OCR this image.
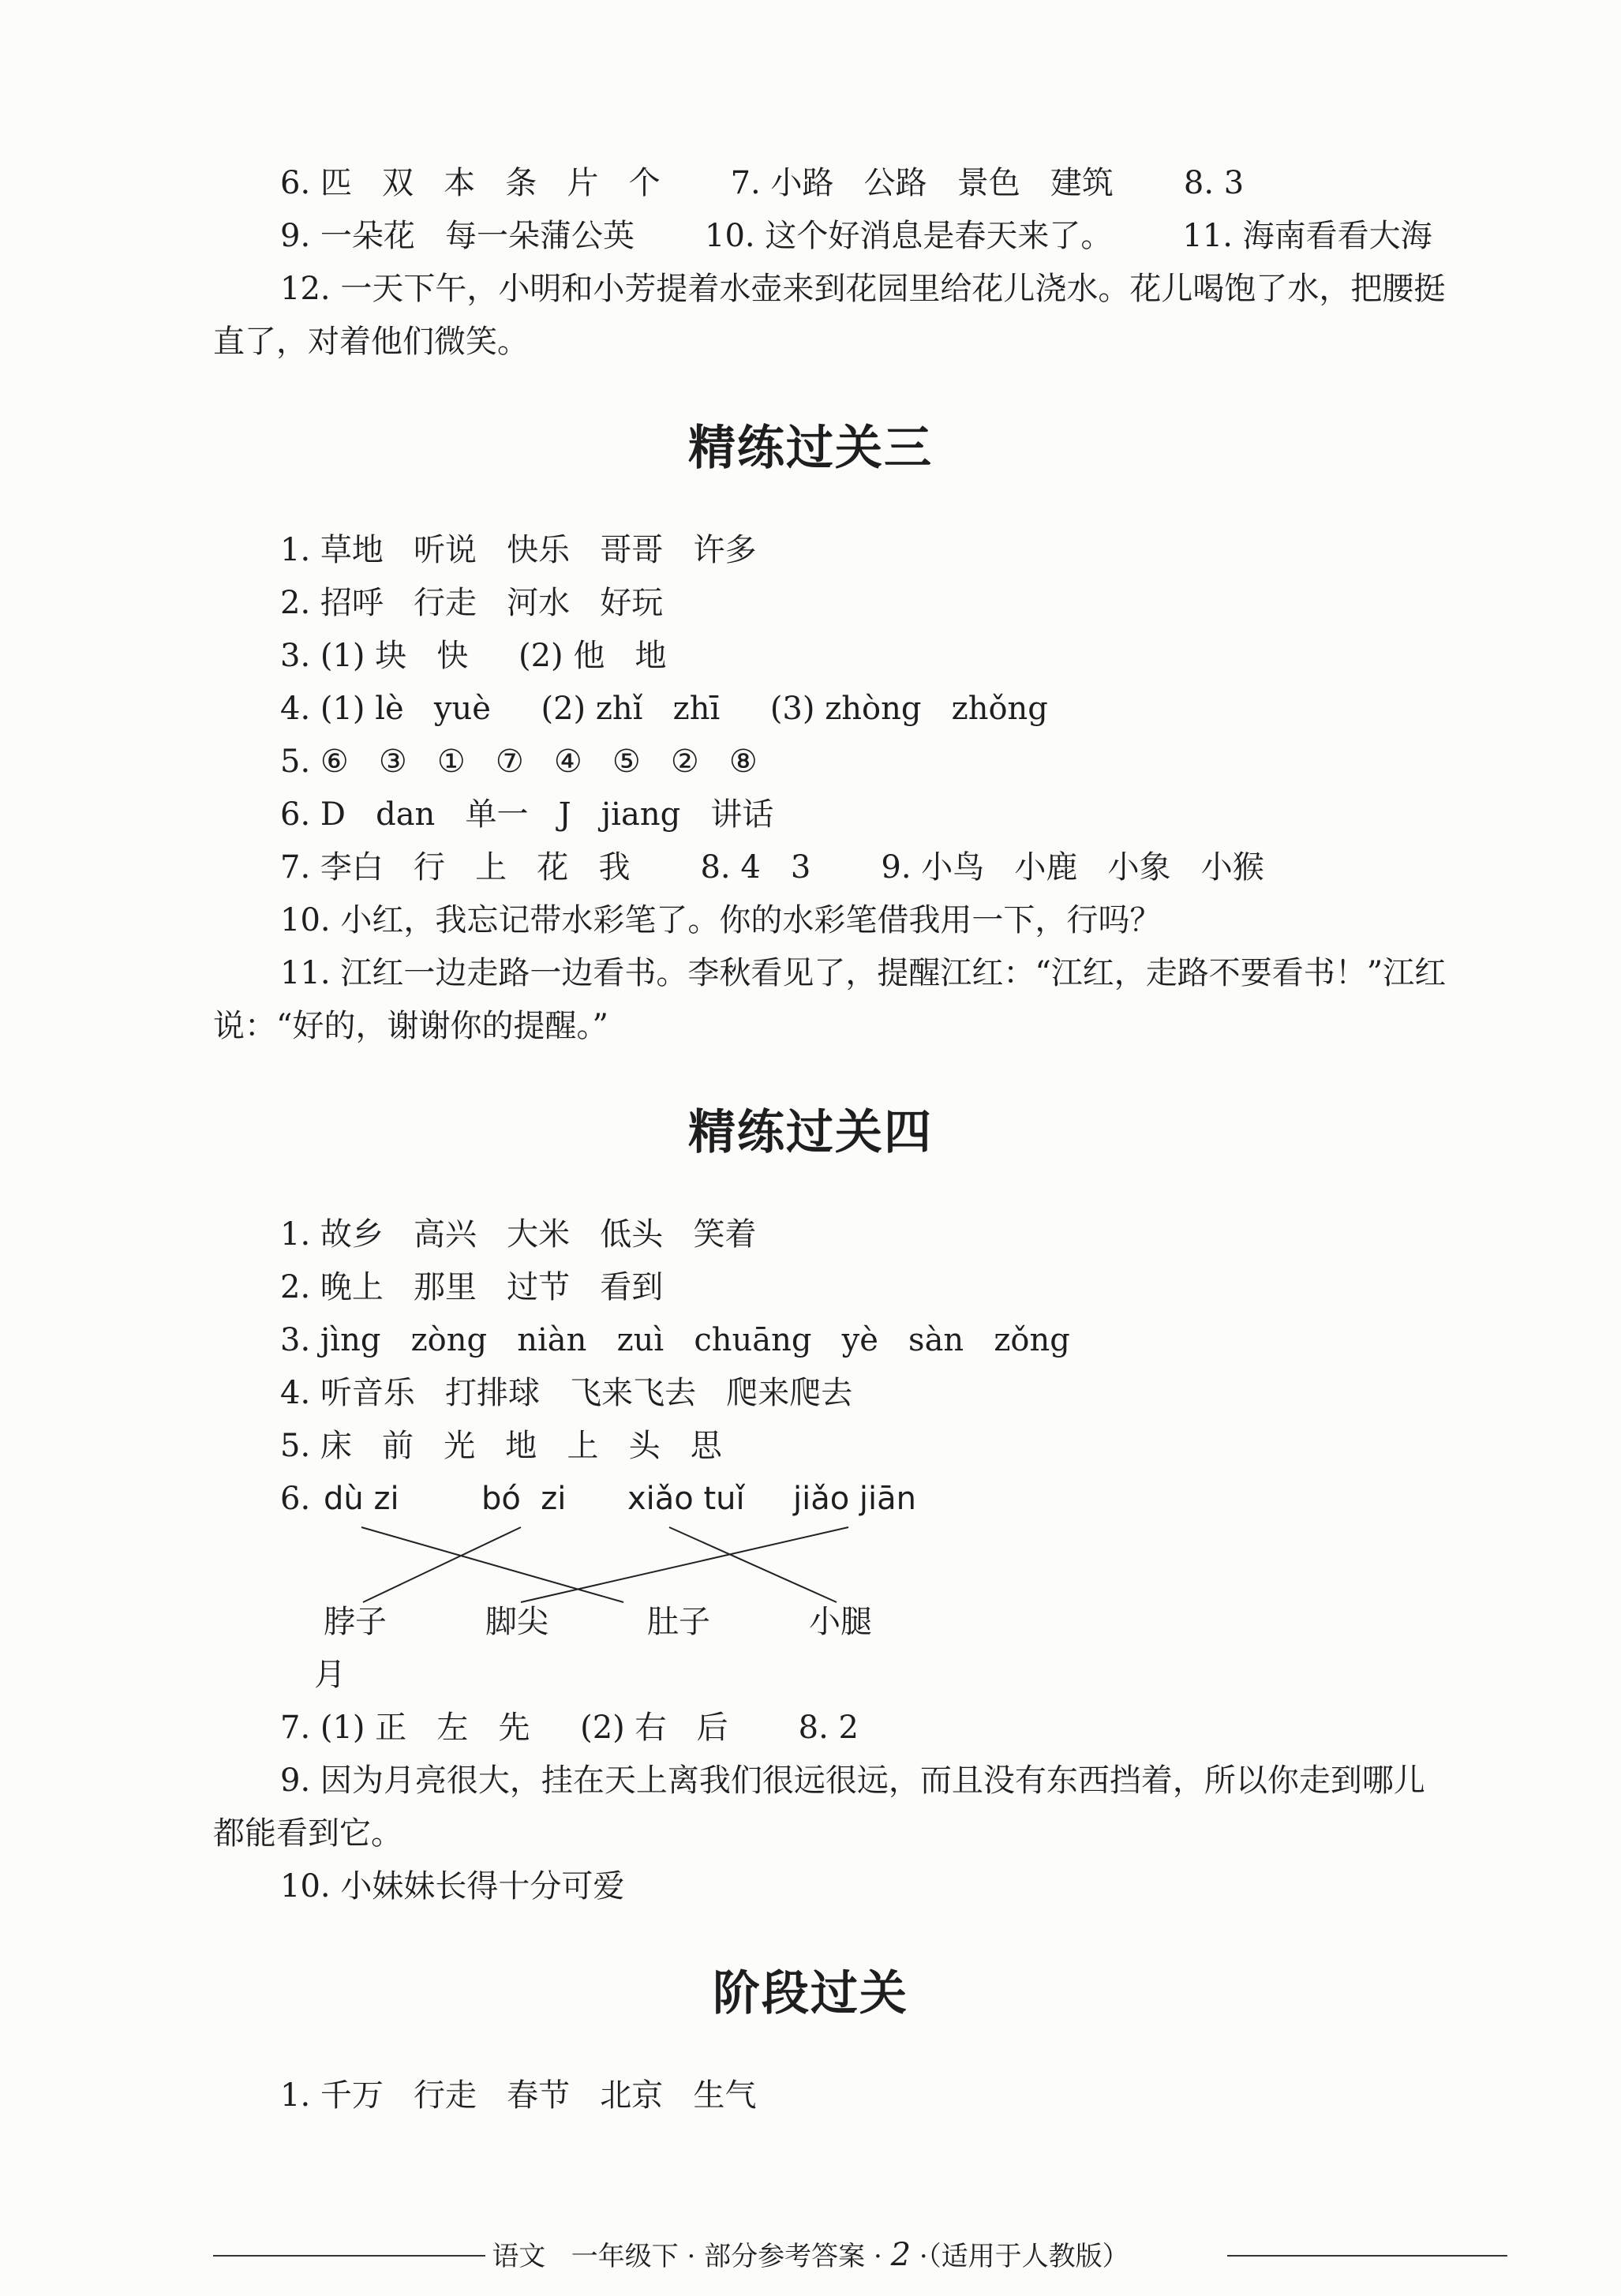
6. 匹   双   本   条   片   个       7. 小路   公路   景色   建筑       8. 3
9. 一朵花   每一朵蒲公英       10. 这个好消息是春天来了。       11. 海南看看大海
12. 一天下午，小明和小芳提着水壶来到花园里给花儿浇水。花儿喝饱了水，把腰挺
直了，对着他们微笑。
精练过关三
1. 草地   听说   快乐   哥哥   许多
2. 招呼   行走   河水   好玩
3. (1) 块   快     (2) 他   地
4. (1) lè   yuè     (2) zhǐ   zhī     (3) zhòng   zhǒng
5. ⑥   ③   ①   ⑦   ④   ⑤   ②   ⑧
6. D   dan   单一   J   jiang   讲话
7. 李白   行   上   花   我       8. 4   3       9. 小鸟   小鹿   小象   小猴
10. 小红，我忘记带水彩笔了。你的水彩笔借我用一下，行吗？
11. 江红一边走路一边看书。李秋看见了，提醒江红：“江红，走路不要看书！”江红
说：“好的，谢谢你的提醒。”
精练过关四
1. 故乡   高兴   大米   低头   笑着
2. 晚上   那里   过节   看到
3. jìng   zòng   niàn   zuì   chuāng   yè   sàn   zǒng
4. 听音乐   打排球   飞来飞去   爬来爬去
5. 床   前   光   地   上   头   思
6. dù zi	bó  zi xiǎo tuǐ jiǎo jiān
脖子	脚尖	肚子	小腿
月
7. (1) 正   左   先     (2) 右   后       8. 2
9. 因为月亮很大，挂在天上离我们很远很远，而且没有东西挡着，所以你走到哪儿
都能看到它。
10. 小妹妹长得十分可爱
阶段过关
1. 千万   行走   春节   北京   生气
语文   一年级下 · 部分参考答案 · 2 ·（适用于人教版）
